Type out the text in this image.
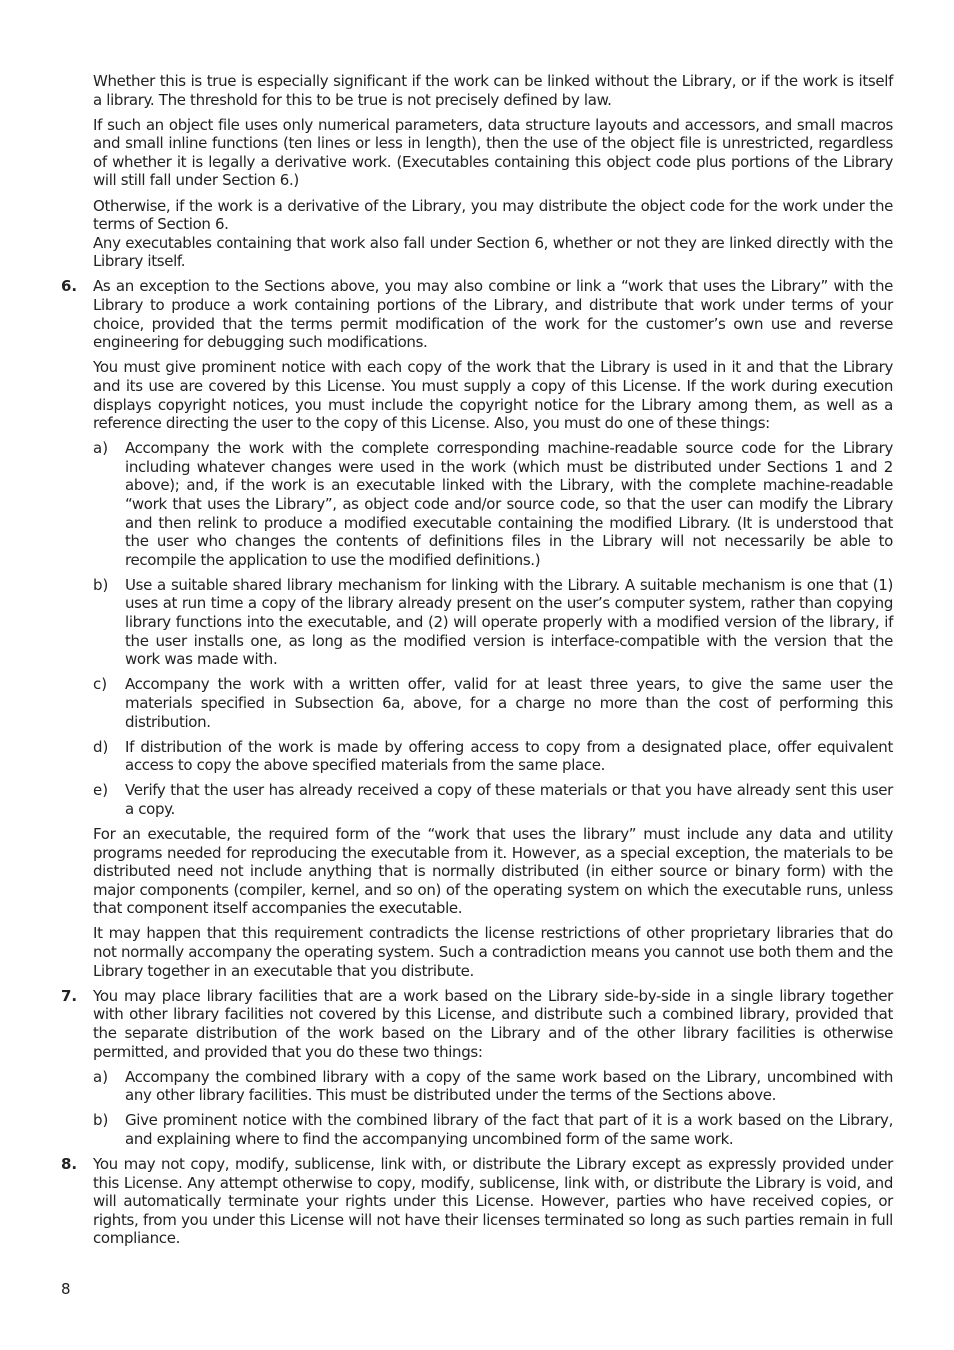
Whether this is true is especially significant if the work can be linked without the Library, or if the work is itself a library. The threshold for this to be true is not precisely defined by law.

If such an object file uses only numerical parameters, data structure layouts and accessors, and small macros and small inline functions (ten lines or less in length), then the use of the object file is unrestricted, regardless of whether it is legally a derivative work. (Executables containing this object code plus portions of the Library will still fall under Section 6.)

Otherwise, if the work is a derivative of the Library, you may distribute the object code for the work under the terms of Section 6.

Any executables containing that work also fall under Section 6, whether or not they are linked directly with the Library itself.

6. As an exception to the Sections above, you may also combine or link a “work that uses the Library” with the Library to produce a work containing portions of the Library, and distribute that work under terms of your choice, provided that the terms permit modification of the work for the customer’s own use and reverse engineering for debugging such modifications.

You must give prominent notice with each copy of the work that the Library is used in it and that the Library and its use are covered by this License. You must supply a copy of this License. If the work during execution displays copyright notices, you must include the copyright notice for the Library among them, as well as a reference directing the user to the copy of this License. Also, you must do one of these things:

a) Accompany the work with the complete corresponding machine-readable source code for the Library including whatever changes were used in the work (which must be distributed under Sections 1 and 2 above); and, if the work is an executable linked with the Library, with the complete machine-readable “work that uses the Library”, as object code and/or source code, so that the user can modify the Library and then relink to produce a modified executable containing the modified Library. (It is understood that the user who changes the contents of definitions files in the Library will not necessarily be able to recompile the application to use the modified definitions.)

b) Use a suitable shared library mechanism for linking with the Library. A suitable mechanism is one that (1) uses at run time a copy of the library already present on the user’s computer system, rather than copying library functions into the executable, and (2) will operate properly with a modified version of the library, if the user installs one, as long as the modified version is interface-compatible with the version that the work was made with.

c) Accompany the work with a written offer, valid for at least three years, to give the same user the materials specified in Subsection 6a, above, for a charge no more than the cost of performing this distribution.

d) If distribution of the work is made by offering access to copy from a designated place, offer equivalent access to copy the above specified materials from the same place.

e) Verify that the user has already received a copy of these materials or that you have already sent this user a copy.

For an executable, the required form of the “work that uses the library” must include any data and utility programs needed for reproducing the executable from it. However, as a special exception, the materials to be distributed need not include anything that is normally distributed (in either source or binary form) with the major components (compiler, kernel, and so on) of the operating system on which the executable runs, unless that component itself accompanies the executable.

It may happen that this requirement contradicts the license restrictions of other proprietary libraries that do not normally accompany the operating system. Such a contradiction means you cannot use both them and the Library together in an executable that you distribute.

7. You may place library facilities that are a work based on the Library side-by-side in a single library together with other library facilities not covered by this License, and distribute such a combined library, provided that the separate distribution of the work based on the Library and of the other library facilities is otherwise permitted, and provided that you do these two things:

a) Accompany the combined library with a copy of the same work based on the Library, uncombined with any other library facilities. This must be distributed under the terms of the Sections above.

b) Give prominent notice with the combined library of the fact that part of it is a work based on the Library, and explaining where to find the accompanying uncombined form of the same work.

8. You may not copy, modify, sublicense, link with, or distribute the Library except as expressly provided under this License. Any attempt otherwise to copy, modify, sublicense, link with, or distribute the Library is void, and will automatically terminate your rights under this License. However, parties who have received copies, or rights, from you under this License will not have their licenses terminated so long as such parties remain in full compliance.

8
